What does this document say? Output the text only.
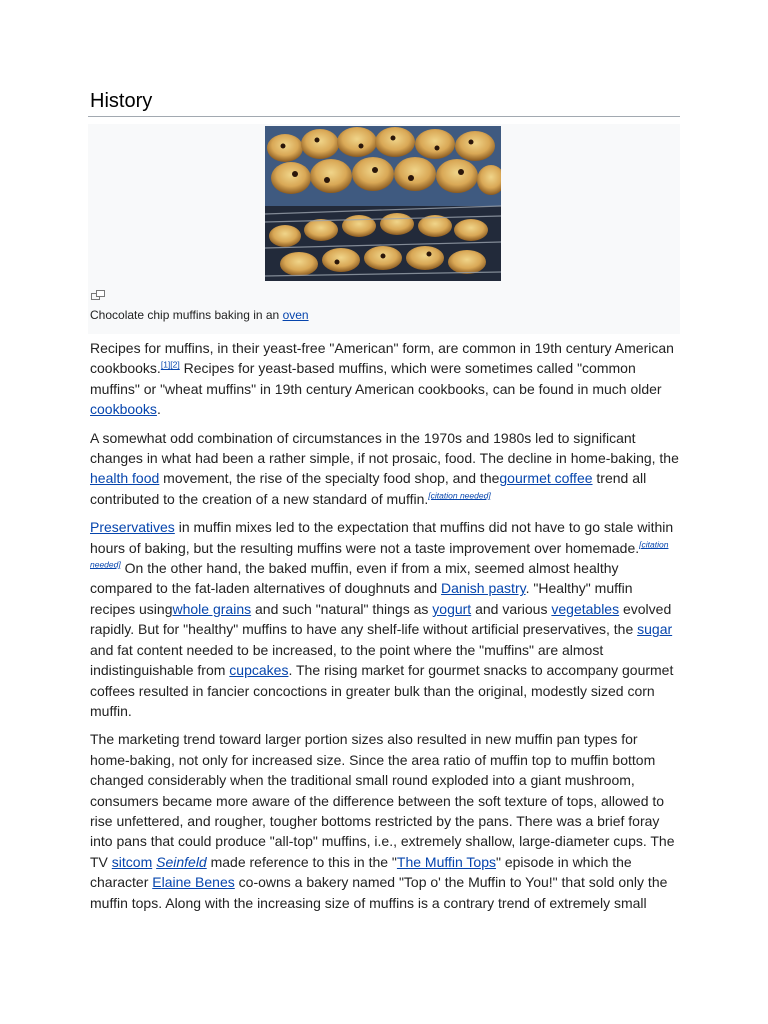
History
Chocolate chip muffins baking in an oven

Recipes for muffins, in their yeast-free "American" form, are common in 19th century American cookbooks.[1][2] Recipes for yeast-based muffins, which were sometimes called "common muffins" or "wheat muffins" in 19th century American cookbooks, can be found in much older cookbooks.

A somewhat odd combination of circumstances in the 1970s and 1980s led to significant changes in what had been a rather simple, if not prosaic, food. The decline in home-baking, the health food movement, the rise of the specialty food shop, and thegourmet coffee trend all contributed to the creation of a new standard of muffin.[citation needed]

Preservatives in muffin mixes led to the expectation that muffins did not have to go stale within hours of baking, but the resulting muffins were not a taste improvement over homemade.[citation needed] On the other hand, the baked muffin, even if from a mix, seemed almost healthy compared to the fat-laden alternatives of doughnuts and Danish pastry. "Healthy" muffin recipes usingwhole grains and such "natural" things as yogurt and various vegetables evolved rapidly. But for "healthy" muffins to have any shelf-life without artificial preservatives, the sugar and fat content needed to be increased, to the point where the "muffins" are almost indistinguishable from cupcakes. The rising market for gourmet snacks to accompany gourmet coffees resulted in fancier concoctions in greater bulk than the original, modestly sized corn muffin.

The marketing trend toward larger portion sizes also resulted in new muffin pan types for home-baking, not only for increased size. Since the area ratio of muffin top to muffin bottom changed considerably when the traditional small round exploded into a giant mushroom, consumers became more aware of the difference between the soft texture of tops, allowed to rise unfettered, and rougher, tougher bottoms restricted by the pans. There was a brief foray into pans that could produce "all-top" muffins, i.e., extremely shallow, large-diameter cups. The TV sitcom Seinfeld made reference to this in the "The Muffin Tops" episode in which the character Elaine Benes co-owns a bakery named "Top o' the Muffin to You!" that sold only the muffin tops. Along with the increasing size of muffins is a contrary trend of extremely small
